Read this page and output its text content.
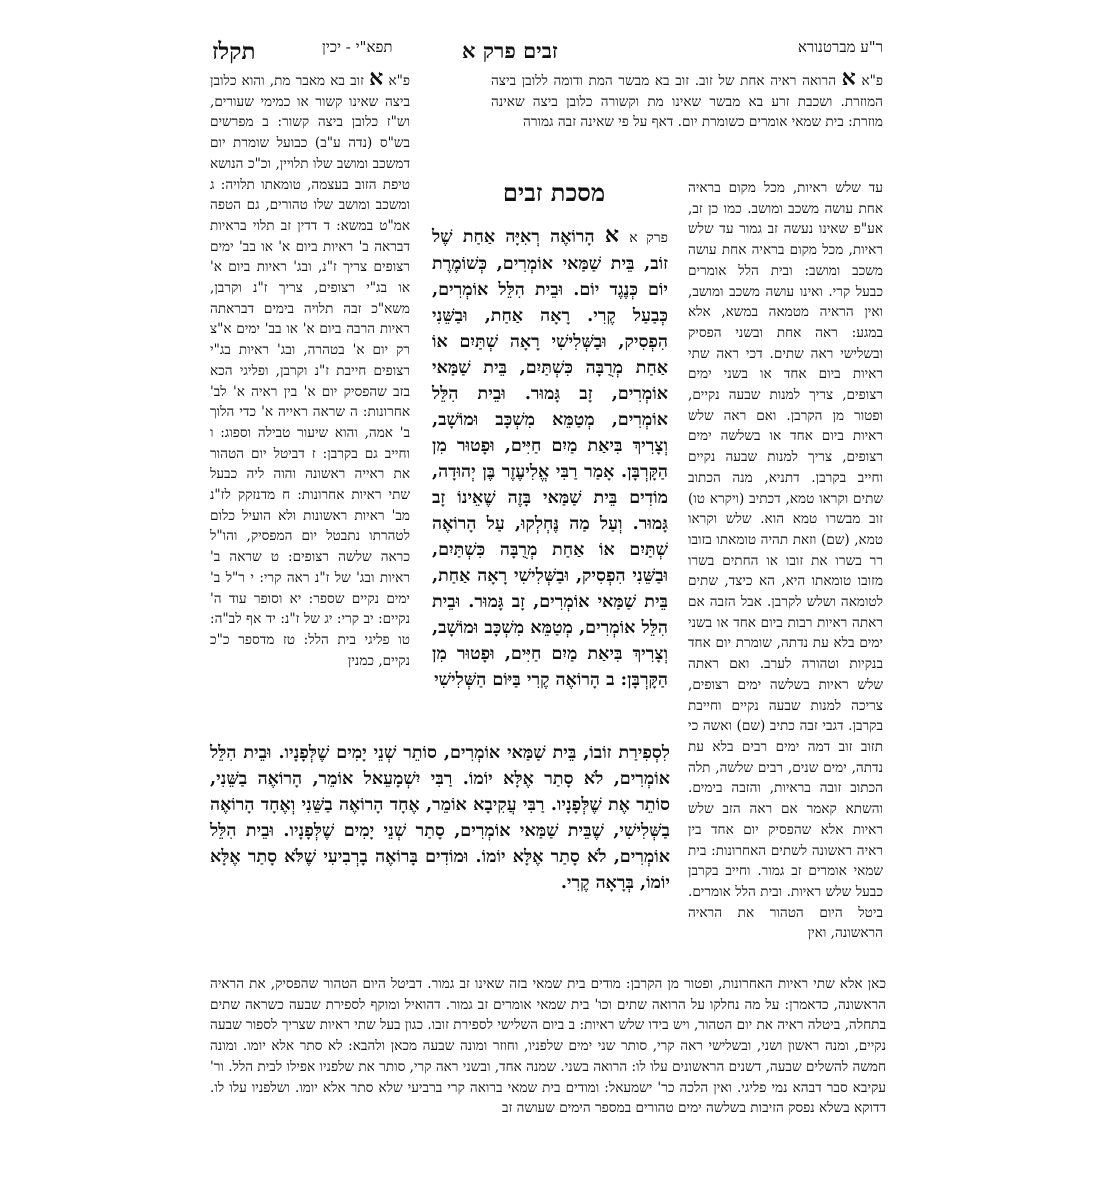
ר"ע מברטנורא
זבים פרק א
תפא"י - יכין
תקלז
פ"א א הרואה ראיה אחת של זוב. זוב בא מבשר המת ודומה ללובן ביצה המוזרת. ושכבת זרע בא מבשר שאינו מת וקשורה כלובן ביצה שאינה מוזרת: בית שמאי אומרים כשומרת יום. דאף על פי שאינה זבה גמורה
עד שלש ראיות, מכל מקום בראיה אחת עושה משכב ומושב. כמו כן זב, אע"פ שאינו נעשה זב גמור עד שלש ראיות, מכל מקום בראיה אחת עושה משכב ומושב: ובית הלל אומרים כבעל קרי. ואינו עושה משכב ומושב, ואין הראיה מטמאה במשא, אלא במגע: ראה אחת ובשני הפסיק ובשלישי ראה שתים. דכי ראה שתי ראיות ביום אחד או בשני ימים רצופים, צריך למנות שבעה נקיים, ופטור מן הקרבן. ואם ראה שלש ראיות ביום אחד או בשלשה ימים רצופים, צריך למנות שבעה נקיים וחייב בקרבן. דתניא, מנה הכתוב שתים וקראו טמא, דכתיב (ויקרא טו) זוב מבשרו טמא הוא. שלש וקראו טמא, (שם) וזאת תהיה טומאתו בזובו רר בשרו את זובו או החתים בשרו מזובו טומאתו היא, הא כיצד, שתים לטומאה ושלש לקרבן. אבל הזבה אם ראתה ראיות רבות ביום אחד או בשני ימים בלא עת נדתה, שומרת יום אחד בנקיות וטהורה לערב. ואם ראתה שלש ראיות בשלשה ימים רצופים, צריכה למנות שבעה נקיים וחייבת בקרבן. דגבי זבה כתיב (שם) ואשה כי תזוב זוב דמה ימים רבים בלא עת נדתה, ימים שנים, רבים שלשה, תלה הכתוב זובה בראיות, והזבה בימים. והשתא קאמר אם ראה הזב שלש ראיות אלא שהפסיק יום אחד בין ראיה ראשונה לשתים האחרונות: בית שמאי אומרים זב גמור. וחייב בקרבן כבעל שלש ראיות. ובית הלל אומרים. ביטל היום הטהור את הראיה הראשונה, ואין
פ"א א זוב בא מאבר מת, והוא כלובן ביצה שאינו קשור או כמימי שעורים, וש"ז כלובן ביצה קשור: ב מפרשים בש"ס (נדה ע"ב) כבועל שומרת יום דמשכב ומושב שלו תלויין, וכ"כ הנושא טיפת הזוב בעצמה, טומאתו תלויה: ג ומשכב ומושב שלו טהורים, גם הטפה אמ"ט במשא: ד דדין זב תלוי בראיות דבראה ב' ראיות ביום א' או בב' ימים רצופים צריך ז"נ, ובג' ראיות ביום א' או בג"י רצופים, צריך ז"נ וקרבן, משא"כ זבה תלויה בימים דבראתה ראיות הרבה ביום א' או בב' ימים א"צ רק יום א' בטהרה, ובג' ראיות בג"י רצופים חייבת ז"נ וקרבן, ופליגי הכא בזב שהפסיק יום א' בין ראיה א' לב' אחרונות: ה שראה ראייה א' כדי הלוך ב' אמה, והוא שיעור טבילה וספוג: ו וחייב גם בקרבן: ז דביטל יום הטהור את ראייה ראשונה והוה ליה כבעל שתי ראיות אחרונות: ח מדנזקק לז"נ מב' ראיות ראשונות ולא הועיל כלום לטהרתו נתבטל יום המפסיק, והו"ל כראה שלשה רצופים: ט שראה ב' ראיות ובג' של ז"נ ראה קרי: י ר"ל ב' ימים נקיים שספר: יא וסופר עוד ה' נקיים: יב קרי: יג של ז"נ: יד אף לב"ה: טו פליגי בית הלל: טז מדספר כ"כ נקיים, כמנין
מסכת זבים
פרק א א הָרוֹאֶה רְאִיָּה אַחַת שֶׁל זוֹב, בֵּית שַׁמַּאי אוֹמְרִים, כְּשׁוֹמֶרֶת יוֹם כְּנֶגֶד יוֹם. וּבֵית הִלֵּל אוֹמְרִים, כְּבַעַל קֶרִי. רָאָה אַחַת, וּבַשֵּׁנִי הִפְסִיק, וּבַשְּׁלִישִׁי רָאָה שְׁתַּיִם אוֹ אַחַת מְרֻבָּה כִּשְׁתַּיִם, בֵּית שַׁמַּאי אוֹמְרִים, זָב גָּמוּר. וּבֵית הִלֵּל אוֹמְרִים, מְטַמֵּא מִשְׁכָּב וּמוֹשָׁב, וְצָרִיךְ בִּיאַת מַיִם חַיִּים, וּפָטוּר מִן הַקָּרְבָּן. אָמַר רַבִּי אֱלִיעֶזֶר בֶּן יְהוּדָה, מוֹדִים בֵּית שַׁמַּאי בָּזֶה שֶׁאֵינוֹ זָב גָּמוּר. וְעַל מַה נֶּחְלְקוּ, עַל הָרוֹאֶה שְׁתַּיִם אוֹ אַחַת מְרֻבָּה כִּשְׁתַּיִם, וּבַשֵּׁנִי הִפְסִיק, וּבַשְּׁלִישִׁי רָאָה אַחַת, בֵּית שַׁמַּאי אוֹמְרִים, זָב גָּמוּר. וּבֵית הִלֵּל אוֹמְרִים, מְטַמֵּא מִשְׁכָּב וּמוֹשָׁב, וְצָרִיךְ בִּיאַת מַיִם חַיִּים, וּפָטוּר מִן הַקָּרְבָּן: ב הָרוֹאֶה קֶרִי בַּיּוֹם הַשְּׁלִישִׁי
לִסְפִירַת זוֹבוֹ, בֵּית שַׁמַּאי אוֹמְרִים, סוֹתֵר שְׁנֵי יָמִים שֶׁלְּפָנָיו. וּבֵית הִלֵּל אוֹמְרִים, לֹא סָתַר אֶלָּא יוֹמוֹ. רַבִּי יִשְׁמָעֵאל אוֹמֵר, הָרוֹאֶה בַשֵּׁנִי, סוֹתֵר אֶת שֶׁלְּפָנָיו. רַבִּי עֲקִיבָא אוֹמֵר, אֶחָד הָרוֹאֶה בַשֵּׁנִי וְאֶחָד הָרוֹאֶה בַשְּׁלִישִׁי, שֶׁבֵּית שַׁמַּאי אוֹמְרִים, סָתַר שְׁנֵי יָמִים שֶׁלְּפָנָיו. וּבֵית הִלֵּל אוֹמְרִים, לֹא סָתַר אֶלָּא יוֹמוֹ. וּמוֹדִים בָּרוֹאֶה בָרְבִיעִי שֶׁלֹּא סָתַר אֶלָּא יוֹמוֹ, בְּרָאָה קֶרִי.
כאן אלא שתי ראיות האחרונות, ופטור מן הקרבן: מודים בית שמאי בזה שאינו זב גמור. דביטל היום הטהור שהפסיק, את הראיה הראשונה, כדאמרן: על מה נחלקו על הרואה שתים וכו' בית שמאי אומרים זב גמור. דהואיל ומוקף לספירת שבעה כשראה שתים בתחלה, ביטלה ראיה את יום הטהור, ויש בידו שלש ראיות: ב ביום השלישי לספירת זובו. כגון בעל שתי ראיות שצריך לספור שבעה נקיים, ומנה ראשון ושני, ובשלישי ראה קרי, סותר שני ימים שלפניו, וחוזר ומונה שבעה מכאן ולהבא: לא סתר אלא יומו. ומונה חמשה להשלים שבעה, דשנים הראשונים עלו לו: הרואה בשני. שמנה אחד, ובשני ראה קרי, סותר את שלפניו אפילו לבית הלל. ור' עקיבא סבר דבהא נמי פליגי. ואין הלכה כר' ישמעאל: ומודים בית שמאי ברואה קרי ברביעי שלא סתר אלא יומו. ושלפניו עלו לו. דדוקא בשלא נפסק הזיבות בשלשה ימים טהורים במספר הימים שעושה זב
